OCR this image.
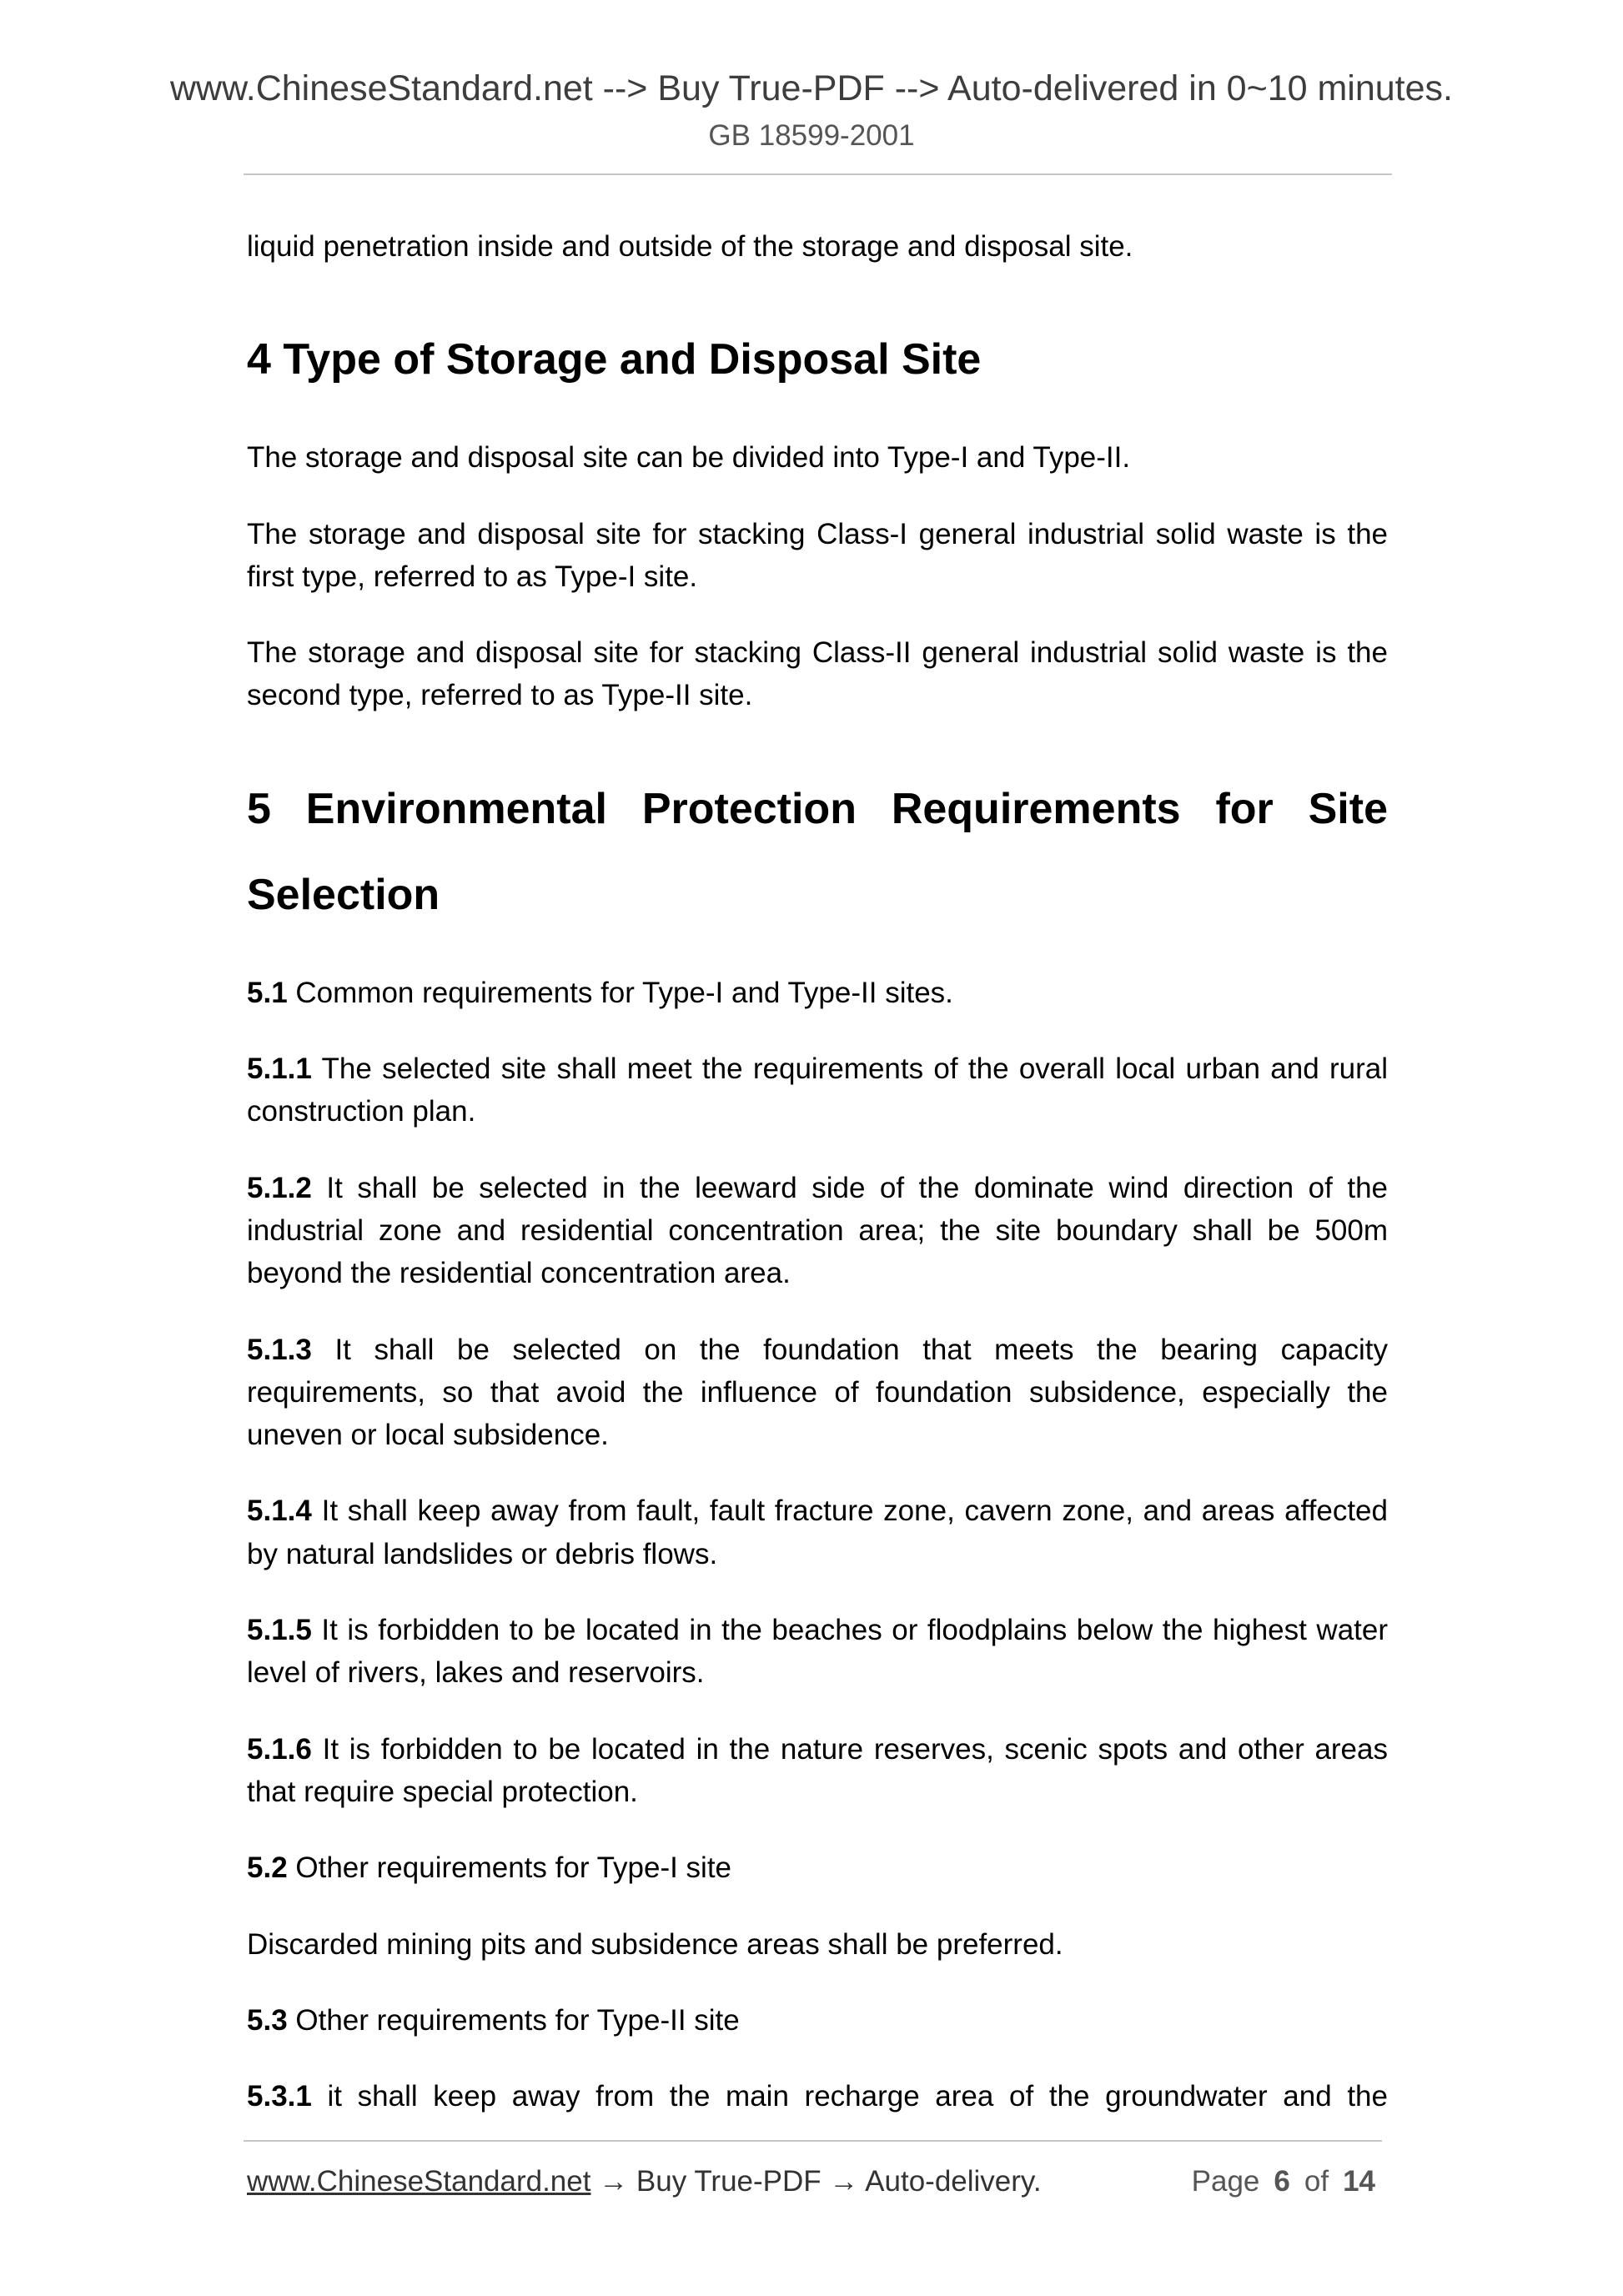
www.ChineseStandard.net --> Buy True-PDF --> Auto-delivered in 0~10 minutes.
GB 18599-2001
liquid penetration inside and outside of the storage and disposal site.
4 Type of Storage and Disposal Site
The storage and disposal site can be divided into Type-I and Type-II.
The storage and disposal site for stacking Class-I general industrial solid waste is the
first type, referred to as Type-I site.
The storage and disposal site for stacking Class-II general industrial solid waste is the
second type, referred to as Type-II site.
5 Environmental Protection Requirements for Site
Selection
5.1 Common requirements for Type-I and Type-II sites.
5.1.1 The selected site shall meet the requirements of the overall local urban and rural
construction plan.
5.1.2 It shall be selected in the leeward side of the dominate wind direction of the
industrial zone and residential concentration area; the site boundary shall be 500m
beyond the residential concentration area.
5.1.3 It shall be selected on the foundation that meets the bearing capacity
requirements, so that avoid the influence of foundation subsidence, especially the
uneven or local subsidence.
5.1.4 It shall keep away from fault, fault fracture zone, cavern zone, and areas affected
by natural landslides or debris flows.
5.1.5 It is forbidden to be located in the beaches or floodplains below the highest water
level of rivers, lakes and reservoirs.
5.1.6 It is forbidden to be located in the nature reserves, scenic spots and other areas
that require special protection.
5.2 Other requirements for Type-I site
Discarded mining pits and subsidence areas shall be preferred.
5.3 Other requirements for Type-II site
5.3.1 it shall keep away from the main recharge area of the groundwater and the
www.ChineseStandard.net → Buy True-PDF → Auto-delivery.	Page 6 of 14
